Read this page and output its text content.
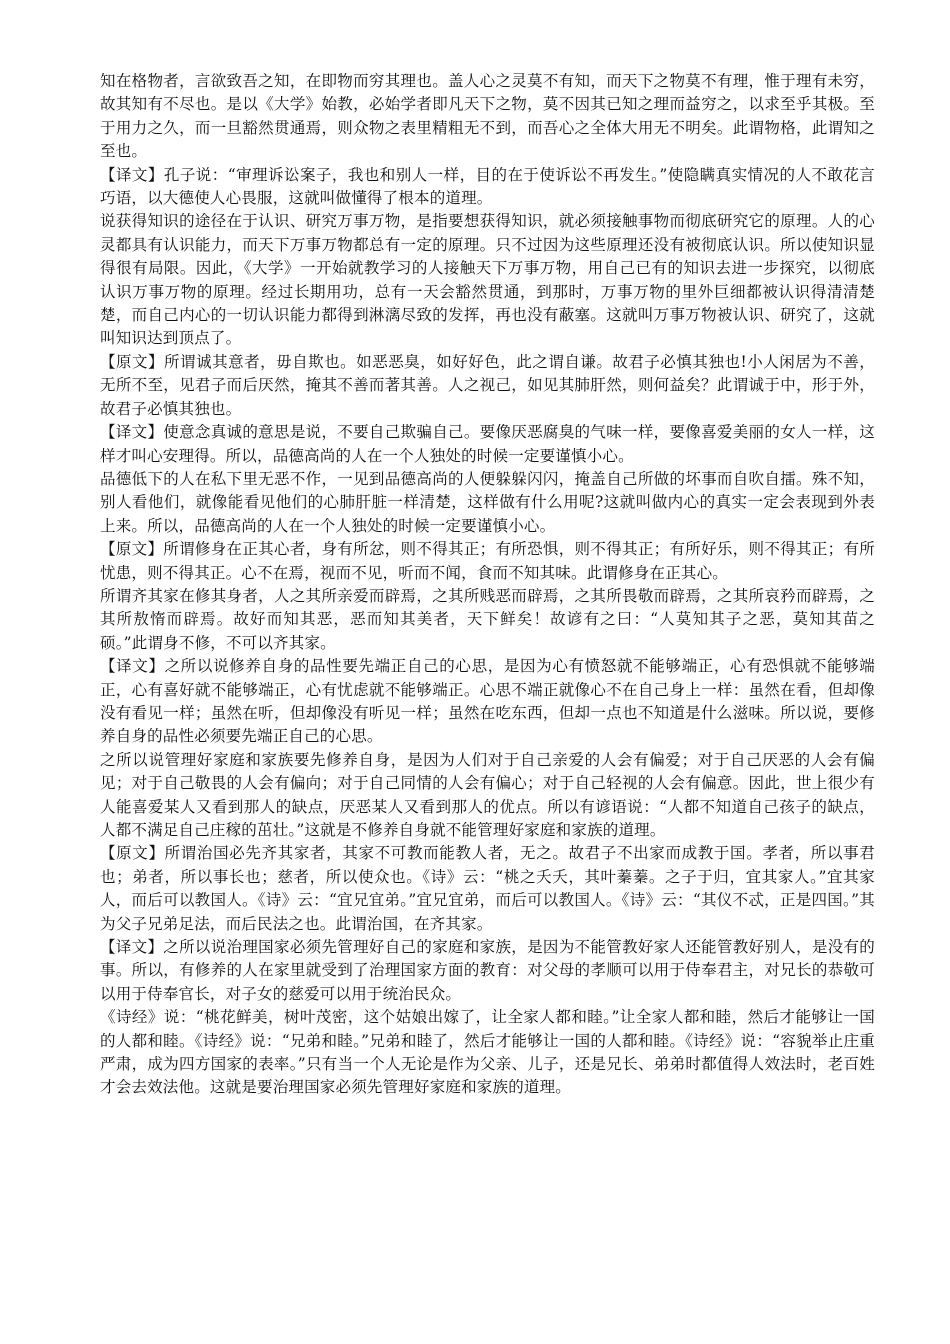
知在格物者，言欲致吾之知，在即物而穷其理也。盖人心之灵莫不有知，而天下之物莫不有理，惟于理有未穷，故其知有不尽也。是以《大学》始教，必始学者即凡天下之物，莫不因其已知之理而益穷之，以求至乎其极。至于用力之久，而一旦豁然贯通焉，则众物之表里精粗无不到，而吾心之全体大用无不明矣。此谓物格，此谓知之至也。

【译文】孔子说：“审理诉讼案子，我也和别人一样，目的在于使诉讼不再发生。”使隐瞒真实情况的人不敢花言巧语，以大德使人心畏服，这就叫做懂得了根本的道理。

说获得知识的途径在于认识、研究万事万物，是指要想获得知识，就必须接触事物而彻底研究它的原理。人的心灵都具有认识能力，而天下万事万物都总有一定的原理。只不过因为这些原理还没有被彻底认识。所以使知识显得很有局限。因此，《大学》一开始就教学习的人接触天下万事万物，用自己已有的知识去进一步探究，以彻底认识万事万物的原理。经过长期用功，总有一天会豁然贯通，到那时，万事万物的里外巨细都被认识得清清楚楚，而自己内心的一切认识能力都得到淋漓尽致的发挥，再也没有蔽塞。这就叫万事万物被认识、研究了，这就叫知识达到顶点了。

【原文】所谓诚其意者，毋自欺也。如恶恶臭，如好好色，此之谓自谦。故君子必慎其独也!小人闲居为不善，无所不至，见君子而后厌然，掩其不善而著其善。人之视己，如见其肺肝然，则何益矣？此谓诚于中，形于外，故君子必慎其独也。

【译文】使意念真诚的意思是说，不要自己欺骗自己。要像厌恶腐臭的气味一样，要像喜爱美丽的女人一样，这样才叫心安理得。所以，品德高尚的人在一个人独处的时候一定要谨慎小心。

品德低下的人在私下里无恶不作，一见到品德高尚的人便躲躲闪闪，掩盖自己所做的坏事而自吹自擂。殊不知，别人看他们，就像能看见他们的心肺肝脏一样清楚，这样做有什么用呢?这就叫做内心的真实一定会表现到外表上来。所以，品德高尚的人在一个人独处的时候一定要谨慎小心。

【原文】所谓修身在正其心者，身有所忿，则不得其正；有所恐惧，则不得其正；有所好乐，则不得其正；有所忧患，则不得其正。心不在焉，视而不见，听而不闻，食而不知其味。此谓修身在正其心。

所谓齐其家在修其身者，人之其所亲爱而辟焉，之其所贱恶而辟焉，之其所畏敬而辟焉，之其所哀矜而辟焉，之其所敖惰而辟焉。故好而知其恶，恶而知其美者，天下鲜矣！故谚有之曰：“人莫知其子之恶，莫知其苗之硕。”此谓身不修，不可以齐其家。

【译文】之所以说修养自身的品性要先端正自己的心思，是因为心有愤怒就不能够端正，心有恐惧就不能够端正，心有喜好就不能够端正，心有忧虑就不能够端正。心思不端正就像心不在自己身上一样：虽然在看，但却像没有看见一样；虽然在听，但却像没有听见一样；虽然在吃东西，但却一点也不知道是什么滋味。所以说，要修养自身的品性必须要先端正自己的心思。

之所以说管理好家庭和家族要先修养自身，是因为人们对于自己亲爱的人会有偏爱；对于自己厌恶的人会有偏见；对于自己敬畏的人会有偏向；对于自己同情的人会有偏心；对于自己轻视的人会有偏意。因此，世上很少有人能喜爱某人又看到那人的缺点，厌恶某人又看到那人的优点。所以有谚语说：“人都不知道自己孩子的缺点，人都不满足自己庄稼的茁壮。”这就是不修养自身就不能管理好家庭和家族的道理。

【原文】所谓治国必先齐其家者，其家不可教而能教人者，无之。故君子不出家而成教于国。孝者，所以事君也；弟者，所以事长也；慈者，所以使众也。《诗》云：“桃之夭夭，其叶蓁蓁。之子于归，宜其家人。”宜其家人，而后可以教国人。《诗》云：“宜兄宜弟。”宜兄宜弟，而后可以教国人。《诗》云：“其仪不忒，正是四国。”其为父子兄弟足法，而后民法之也。此谓治国，在齐其家。

【译文】之所以说治理国家必须先管理好自己的家庭和家族，是因为不能管教好家人还能管教好别人，是没有的事。所以，有修养的人在家里就受到了治理国家方面的教育：对父母的孝顺可以用于侍奉君主，对兄长的恭敬可以用于侍奉官长，对子女的慈爱可以用于统治民众。

《诗经》说：“桃花鲜美，树叶茂密，这个姑娘出嫁了，让全家人都和睦。”让全家人都和睦，然后才能够让一国的人都和睦。《诗经》说：“兄弟和睦。”兄弟和睦了，然后才能够让一国的人都和睦。《诗经》说：“容貌举止庄重严肃，成为四方国家的表率。”只有当一个人无论是作为父亲、儿子，还是兄长、弟弟时都值得人效法时，老百姓才会去效法他。这就是要治理国家必须先管理好家庭和家族的道理。
